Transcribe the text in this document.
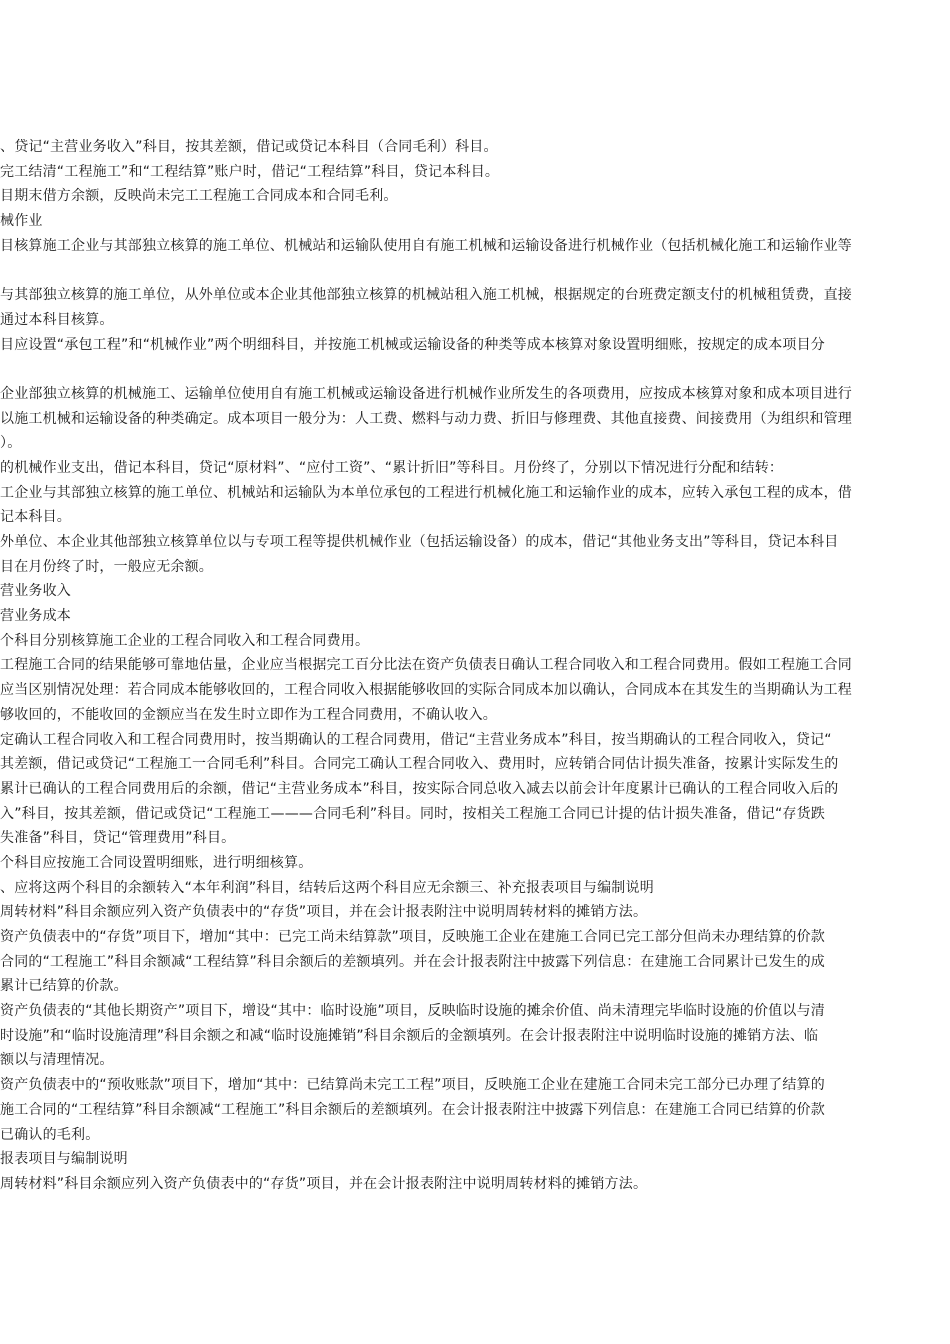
、贷记“主营业务收入”科目，按其差额，借记或贷记本科目（合同毛利）科目。
完工结清“工程施工”和“工程结算”账户时，借记“工程结算”科目，贷记本科目。
目期末借方余额，反映尚未完工工程施工合同成本和合同毛利。
械作业
目核算施工企业与其部独立核算的施工单位、机械站和运输队使用自有施工机械和运输设备进行机械作业（包括机械化施工和运输作业等
与其部独立核算的施工单位，从外单位或本企业其他部独立核算的机械站租入施工机械，根据规定的台班费定额支付的机械租赁费，直接
通过本科目核算。
目应设置“承包工程”和“机械作业”两个明细科目，并按施工机械或运输设备的种类等成本核算对象设置明细账，按规定的成本项目分
企业部独立核算的机械施工、运输单位使用自有施工机械或运输设备进行机械作业所发生的各项费用，应按成本核算对象和成本项目进行
以施工机械和运输设备的种类确定。成本项目一般分为：人工费、燃料与动力费、折旧与修理费、其他直接费、间接费用（为组织和管理
）。
的机械作业支出，借记本科目，贷记“原材料”、“应付工资”、“累计折旧”等科目。月份终了，分别以下情况进行分配和结转：
工企业与其部独立核算的施工单位、机械站和运输队为本单位承包的工程进行机械化施工和运输作业的成本，应转入承包工程的成本，借
记本科目。
外单位、本企业其他部独立核算单位以与专项工程等提供机械作业（包括运输设备）的成本，借记“其他业务支出”等科目，贷记本科目
目在月份终了时，一般应无余额。
营业务收入
营业务成本
个科目分别核算施工企业的工程合同收入和工程合同费用。
工程施工合同的结果能够可靠地估量，企业应当根据完工百分比法在资产负债表日确认工程合同收入和工程合同费用。假如工程施工合同
应当区别情况处理：若合同成本能够收回的，工程合同收入根据能够收回的实际合同成本加以确认，合同成本在其发生的当期确认为工程
够收回的，不能收回的金额应当在发生时立即作为工程合同费用，不确认收入。
定确认工程合同收入和工程合同费用时，按当期确认的工程合同费用，借记“主营业务成本”科目，按当期确认的工程合同收入，贷记“
其差额，借记或贷记“工程施工一合同毛利”科目。合同完工确认工程合同收入、费用时，应转销合同估计损失准备，按累计实际发生的
累计已确认的工程合同费用后的余额，借记“主营业务成本”科目，按实际合同总收入减去以前会计年度累计已确认的工程合同收入后的
入”科目，按其差额，借记或贷记“工程施工———合同毛利”科目。同时，按相关工程施工合同已计提的估计损失准备，借记“存货跌
失准备”科目，贷记“管理费用”科目。
个科目应按施工合同设置明细账，进行明细核算。
、应将这两个科目的余额转入“本年利润”科目，结转后这两个科目应无余额三、补充报表项目与编制说明
周转材料”科目余额应列入资产负债表中的“存货”项目，并在会计报表附注中说明周转材料的摊销方法。
资产负债表中的“存货”项目下，增加“其中：已完工尚未结算款”项目，反映施工企业在建施工合同已完工部分但尚未办理结算的价款
合同的“工程施工”科目余额减“工程结算”科目余额后的差额填列。并在会计报表附注中披露下列信息：在建施工合同累计已发生的成
累计已结算的价款。
资产负债表的“其他长期资产”项目下，增设“其中：临时设施”项目，反映临时设施的摊余价值、尚未清理完毕临时设施的价值以与清
时设施”和“临时设施清理”科目余额之和减“临时设施摊销”科目余额后的金额填列。在会计报表附注中说明临时设施的摊销方法、临
额以与清理情况。
资产负债表中的“预收账款”项目下，增加“其中：已结算尚未完工工程”项目，反映施工企业在建施工合同未完工部分已办理了结算的
施工合同的“工程结算”科目余额减“工程施工”科目余额后的差额填列。在会计报表附注中披露下列信息：在建施工合同已结算的价款
已确认的毛利。
报表项目与编制说明
周转材料”科目余额应列入资产负债表中的“存货”项目，并在会计报表附注中说明周转材料的摊销方法。
